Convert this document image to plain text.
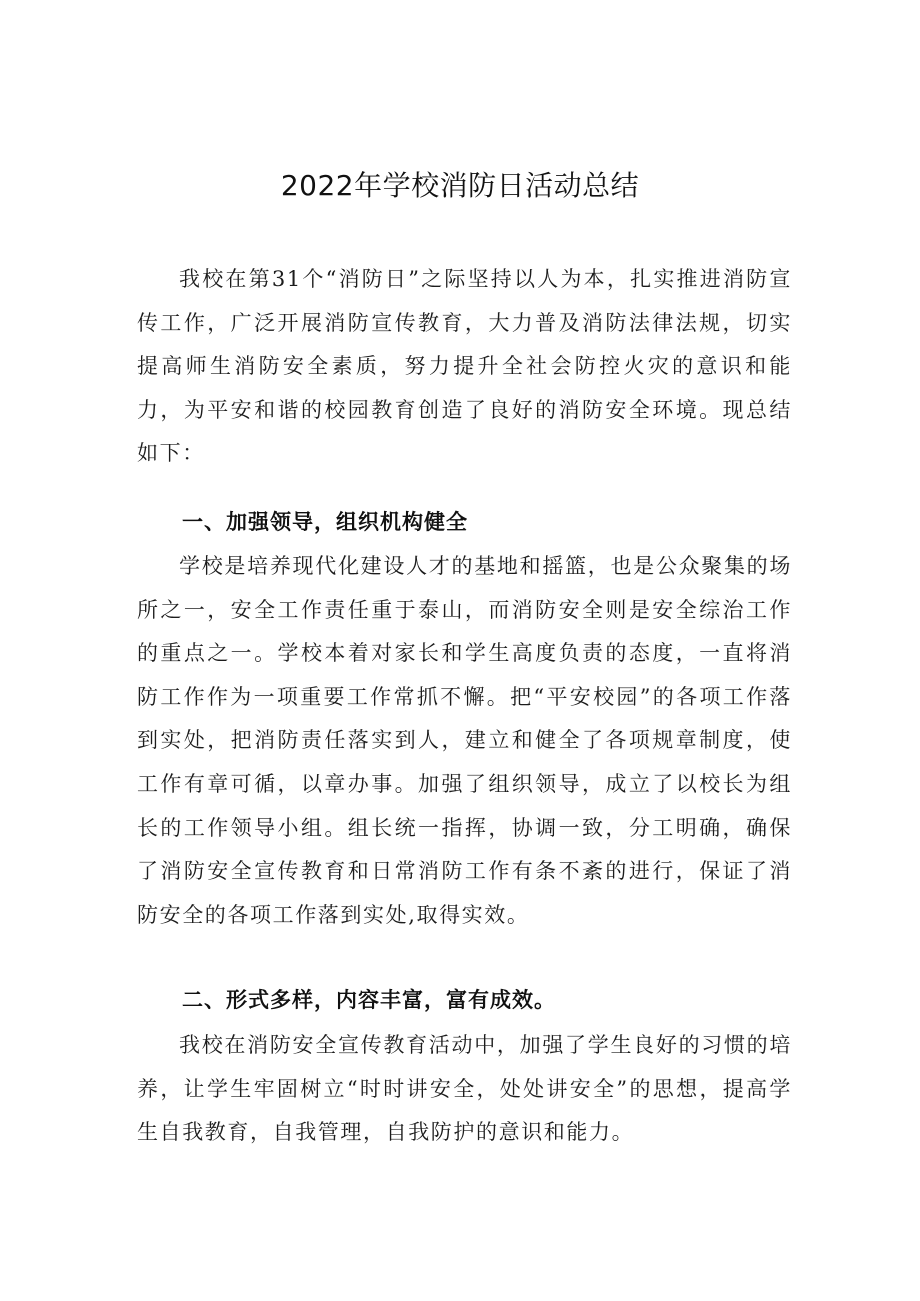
2022年学校消防日活动总结

我校在第31个“消防日”之际坚持以人为本，扎实推进消防宣传工作，广泛开展消防宣传教育，大力普及消防法律法规，切实提高师生消防安全素质，努力提升全社会防控火灾的意识和能力，为平安和谐的校园教育创造了良好的消防安全环境。现总结如下：

一、加强领导，组织机构健全

学校是培养现代化建设人才的基地和摇篮，也是公众聚集的场所之一，安全工作责任重于泰山，而消防安全则是安全综治工作的重点之一。学校本着对家长和学生高度负责的态度，一直将消防工作作为一项重要工作常抓不懈。把“平安校园”的各项工作落到实处，把消防责任落实到人，建立和健全了各项规章制度，使工作有章可循，以章办事。加强了组织领导，成立了以校长为组长的工作领导小组。组长统一指挥，协调一致，分工明确，确保了消防安全宣传教育和日常消防工作有条不紊的进行，保证了消防安全的各项工作落到实处,取得实效。

二、形式多样，内容丰富，富有成效。

我校在消防安全宣传教育活动中，加强了学生良好的习惯的培养，让学生牢固树立“时时讲安全，处处讲安全”的思想，提高学生自我教育，自我管理，自我防护的意识和能力。
